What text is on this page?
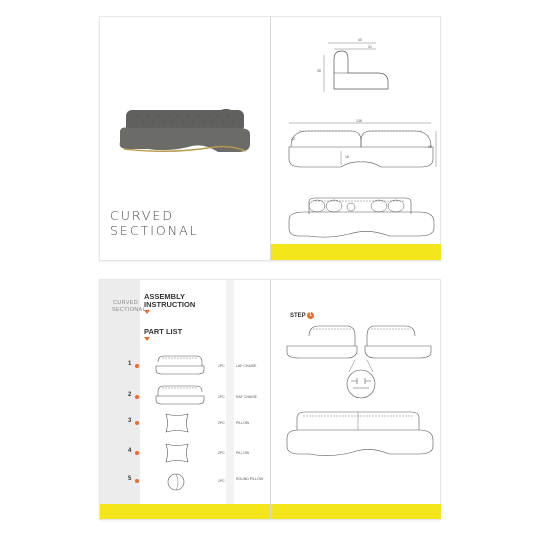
CURVED
SECTIONAL
40
31
35
136
35
22
16
CURVED
SECTIONAL
ASSEMBLY
INSTRUCTION
PART LIST
1	1PC	LAF CHAISE
2	1PC	RAF CHAISE
3	2PC	PILLOW
4	2PC	PILLOW
5	1PC	ROUND PILLOW
STEP 1
